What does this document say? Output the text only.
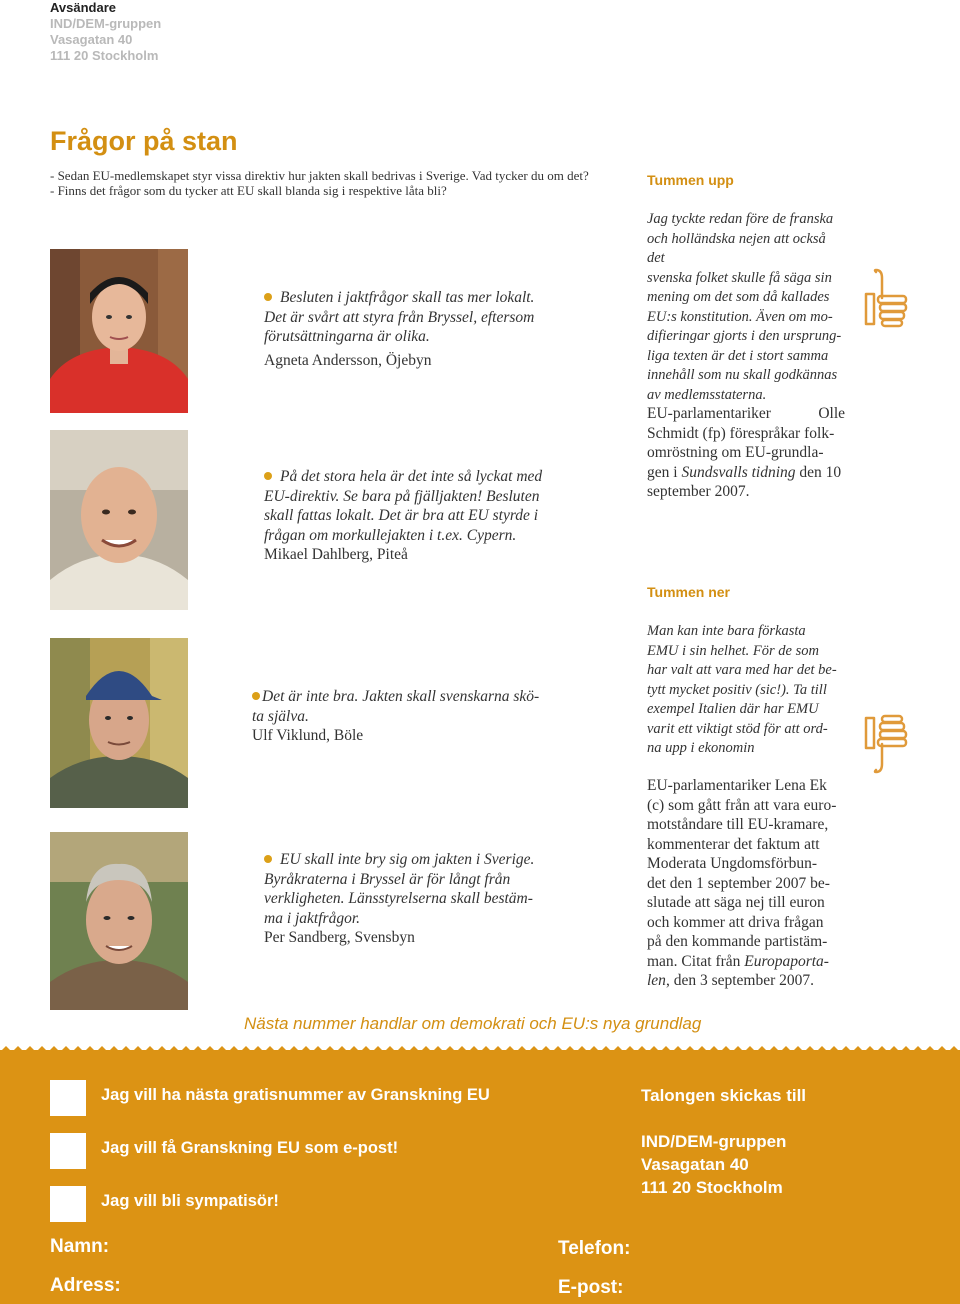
Avsändare
IND/DEM-gruppen
Vasagatan 40
111 20 Stockholm
Frågor på stan
- Sedan EU-medlemskapet styr vissa direktiv hur jakten skall bedrivas i Sverige. Vad tycker du om det?
- Finns det frågor som du tycker att EU skall blanda sig i respektive låta bli?
Besluten i jaktfrågor skall tas mer lokalt.
Det är svårt att styra från Bryssel, eftersom
förutsättningarna är olika.
Agneta Andersson, Öjebyn
På det stora hela är det inte så lyckat med
EU-direktiv. Se bara på fjälljakten! Besluten
skall fattas lokalt. Det är bra att EU styrde i
frågan om morkullejakten i t.ex. Cypern.
Mikael Dahlberg, Piteå
Det är inte bra. Jakten skall svenskarna skö-
ta själva.
Ulf Viklund, Böle
EU skall inte bry sig om jakten i Sverige.
Byråkraterna i Bryssel är för långt från
verkligheten. Länsstyrelserna skall bestäm-
ma i jaktfrågor.
Per Sandberg, Svensbyn
Tummen upp
Jag tyckte redan före de franska
och holländska nejen att också det
svenska folket skulle få säga sin
mening om det som då kallades
EU:s konstitution. Även om mo-
difieringar gjorts i den ursprung-
liga texten är det i stort samma
innehåll som nu skall godkännas
av medlemsstaterna.
EU-parlamentariker	Olle
Schmidt (fp) förespråkar folk-
omröstning om EU-grundla-
gen i Sundsvalls tidning den 10
september 2007.
Tummen ner
Man kan inte bara förkasta
EMU i sin helhet. För de som
har valt att vara med har det be-
tytt mycket positiv (sic!). Ta till
exempel Italien där har EMU
varit ett viktigt stöd för att ord-
na upp i ekonomin
EU-parlamentariker Lena Ek
(c) som gått från att vara euro-
motståndare till EU-kramare,
kommenterar det faktum att
Moderata Ungdomsförbun-
det den 1 september 2007 be-
slutade att säga nej till euron
och kommer att driva frågan
på den kommande partistäm-
man. Citat från Europaporta-
len, den 3 september 2007.
Nästa nummer handlar om demokrati och EU:s nya grundlag
Jag vill ha nästa gratisnummer av Granskning EU
Jag vill få Granskning EU som e-post!
Jag vill bli sympatisör!
Talongen skickas till
IND/DEM-gruppen
Vasagatan 40
111 20 Stockholm
Namn:
Adress:
Telefon:
E-post:
